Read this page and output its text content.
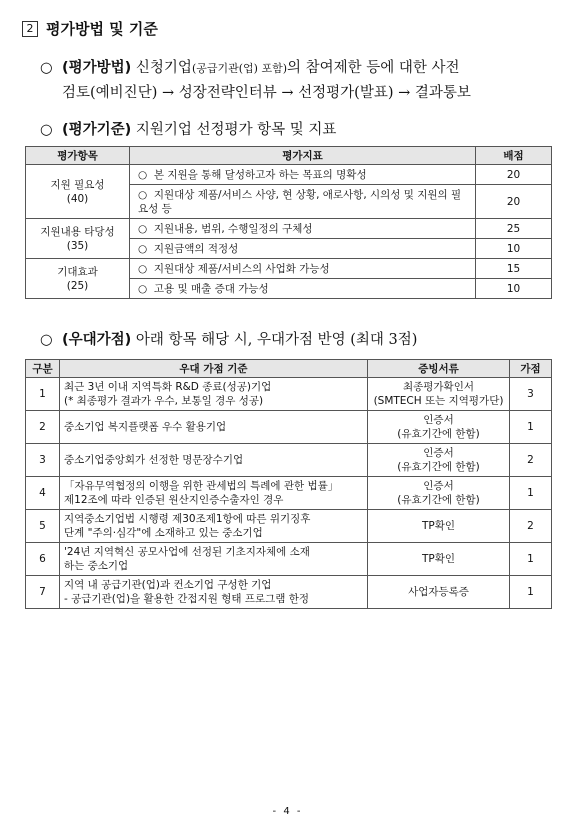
2 평가방법 및 기준
○ (평가방법) 신청기업(공급기관(업) 포함)의 참여제한 등에 대한 사전
검토(예비진단) → 성장전략인터뷰 → 선정평가(발표) → 결과통보
○ (평가기준) 지원기업 선정평가 항목 및 지표
평가항목	평가지표	배점

지원 필요성
(40)	○  본 지원을 통해 달성하고자 하는 목표의 명확성	20
	○  지원대상 제품/서비스 사양, 현 상황, 애로사항, 시의성 및 지원의 필요성 등	20

지원내용 타당성
(35)	○  지원내용, 범위, 수행일정의 구체성	25
	○  지원금액의 적정성	10

기대효과
(25)	○  지원대상 제품/서비스의 사업화 가능성	15
	○  고용 및 매출 증대 가능성	10
○ (우대가점) 아래 항목 해당 시, 우대가점 반영 (최대 3점)
구분	우대 가점 기준	증빙서류	가점
1	최근 3년 이내 지역특화 R&D 종료(성공)기업
(* 최종평가 결과가 우수, 보통일 경우 성공)	최종평가확인서
(SMTECH 또는 지역평가단)	3
2	중소기업 복지플랫폼 우수 활용기업	인증서
(유효기간에 한함)	1
3	중소기업중앙회가 선정한 명문장수기업	인증서
(유효기간에 한함)	2
4	「자유무역협정의 이행을 위한 관세법의 특례에 관한 법률」
제12조에 따라 인증된 원산지인증수출자인 경우	인증서
(유효기간에 한함)	1
5	지역중소기업법 시행령 제30조제1항에 따른 위기징후
단계 "주의·심각"에 소재하고 있는 중소기업	TP확인	2
6	'24년 지역혁신 공모사업에 선정된 기초지자체에 소재
하는 중소기업	TP확인	1
7	지역 내 공급기관(업)과 컨소기업 구성한 기업
- 공급기관(업)을 활용한 간접지원 형태 프로그램 한정	사업자등록증	1
- 4 -
